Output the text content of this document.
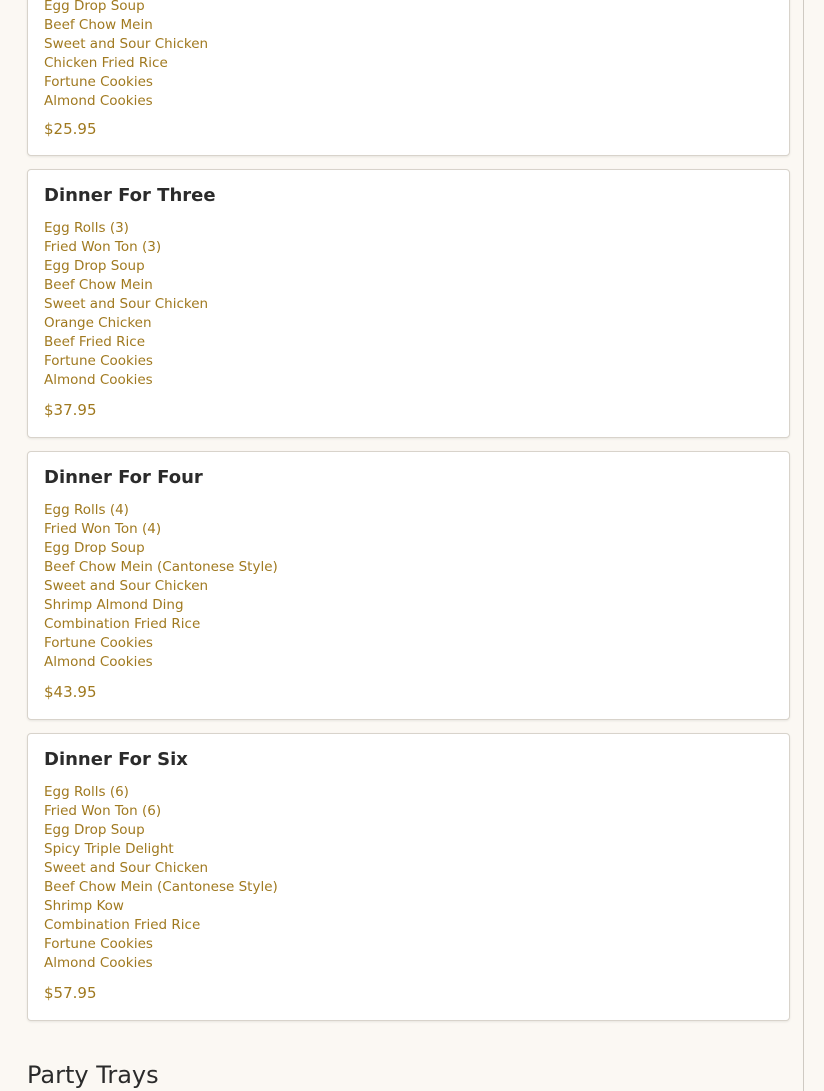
Egg Drop Soup
Beef Chow Mein
Sweet and Sour Chicken
Chicken Fried Rice
Fortune Cookies
Almond Cookies
$25.95
Dinner For Three
Egg Rolls (3)
Fried Won Ton (3)
Egg Drop Soup
Beef Chow Mein
Sweet and Sour Chicken
Orange Chicken
Beef Fried Rice
Fortune Cookies
Almond Cookies
$37.95
Dinner For Four
Egg Rolls (4)
Fried Won Ton (4)
Egg Drop Soup
Beef Chow Mein (Cantonese Style)
Sweet and Sour Chicken
Shrimp Almond Ding
Combination Fried Rice
Fortune Cookies
Almond Cookies
$43.95
Dinner For Six
Egg Rolls (6)
Fried Won Ton (6)
Egg Drop Soup
Spicy Triple Delight
Sweet and Sour Chicken
Beef Chow Mein (Cantonese Style)
Shrimp Kow
Combination Fried Rice
Fortune Cookies
Almond Cookies
$57.95
Party Trays
